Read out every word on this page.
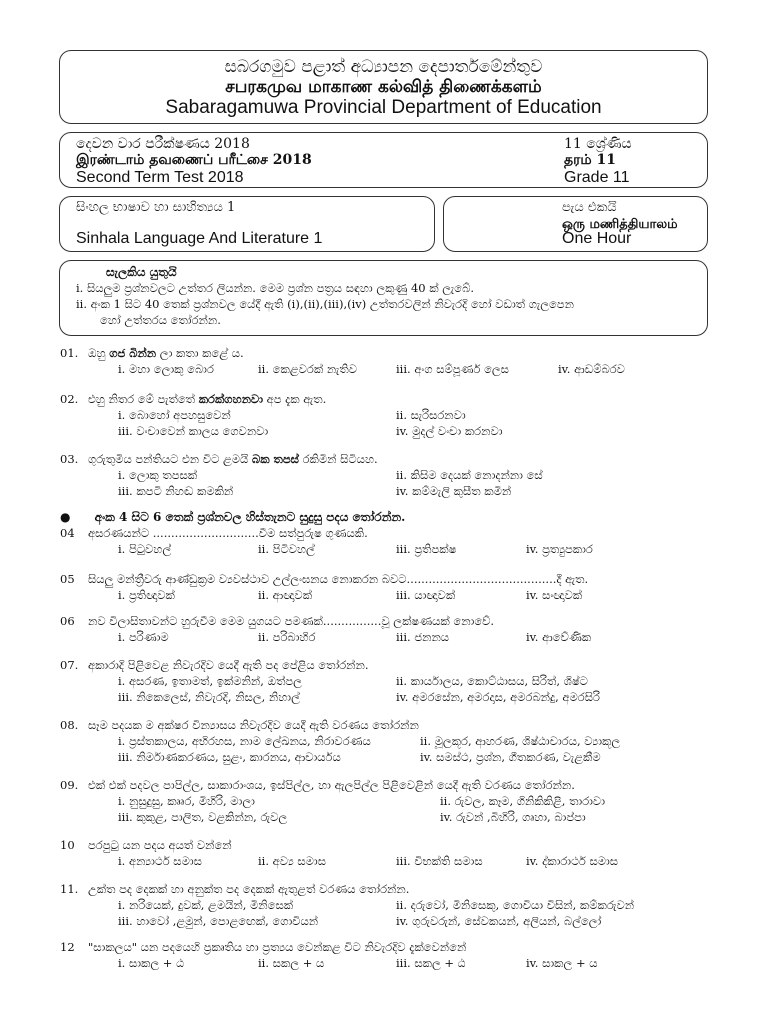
සබරගමුව පළාත් අධ්‍යාපන දෙපාර්තමේන්තුව
சபரகமுவ மாகாண கல்வித் திணைக்களம்
Sabaragamuwa Provincial Department of Education
දෙවන වාර පරීක්ෂණය 2018
இரண்டாம் தவணைப் பரீட்சை 2018
Second Term Test 2018
11 ශ්‍රේණිය
தரம் 11
Grade 11
සිංහල භාෂාව හා සාහිත්‍යය 1
Sinhala Language And Literature 1
පැය එකයි
ஒரு மணித்தியாலம்
One Hour
සැලකිය යුතුයි
i. සියලුම ප්‍රශ්නවලට උත්තර ලියන්න. මෙම ප්‍රශ්න පත්‍රය සඳහා ලකුණු 40 ක් ලැබේ.
ii. අංක 1 සිට 40 තෙක් ප්‍රශ්නවල යේදී ඇති (i),(ii),(iii),(iv) උත්තරවලින් නිවැරදි හෝ වඩාත් ගැලපෙන
හෝ උත්තරය තෝරන්න.
01. ඔහු ගජ බින්න ලා කතා කළේ ය.
i. මහා ලොකු බොර	ii. කෙළවරක් නැතිව	iii. අංග සම්පූර්ණ ලෙස	iv. ආඩම්බරව
02. එහු නිතර මේ පැත්තේ කරක්ගහනවා අප දැක ඇත.
i. බොහෝ අපහසුවෙන්	ii. සැරිසරනවා
iii. වංචාවෙන් කාලය ගෙවනවා	iv. මුදල් වංචා කරනවා
03. ගුරුතුමිය පන්තියට එන විට ළමයි බක තපස් රකිමින් සිටියහ.
i. ලොකු තපසක්	ii. කිසිම දෙයක් නොදන්නා සේ
iii. කපටි නිහඬ කමකින්	iv. කම්මැලි කුසීත කමින්
● අංක 4 සිට 6 තෙක් ප්‍රශ්නවල හිස්තැනට සුදුසු පදය තෝරන්න.
04 අසරණයන්ට .............................වීම සත්පුරුෂ ගුණයකි.
i. පිටුවහල්	ii. පිටිවහල්	iii. ප්‍රතිපක්ෂ	iv. ප්‍රත්‍යුපකාර
05 සියලු මන්ත්‍රීවරු ආණ්ඩුක්‍රම ව්‍යවස්ථාව උල්ලංඝනය නොකරන බවට.........................................දී ඇත.
i. ප්‍රතිඥාවක්	ii. ආඥාවක්	iii. යාඥාවක්	iv. සංඥාවක්
06 නව විලාසිතාවන්ට හුරුවීම මෙම යුගයට පමණක්................වූ ලක්ෂණයක් නොවේ.
i. පරිණාම	ii. පරිබාහිර	iii. ජනනය	iv. ආවේණික
07. අකාරාදි පිළිවෙළ නිවැරදිව යෙදී ඇති පද පේළිය තෝරන්න.
i. අසරණ, ඉතාමත්, ඉක්මනින්, ඔත්පල	ii. කාර්යාලය, කොට්ඨාසය, සිරිත්, ශිෂ්ට
iii. නිකෙලෙස්, නිවැරදි, නිසල, නිහාල්	iv. අමරසේන, අමරදාස, අමරබන්දු, අමරසිරි
08. සෑම පදයක ම අක්ෂර වින්‍යාසය නිවැරදිව යෙදී ඇති වරණය තෝරන්න
i. ප්‍රස්තකාලය, අභිරහස, නාම ලේඛනය, නිරාවරණය	ii. මූලකූර, ආහරණ, ශිෂ්ඨාචාරය, ව්‍යාකූල
iii. නිර්මාණකරණය, සුළං, කාරනය, ආචාර්යය	iv. සමස්ථ, ප්‍රශ්න, ගීතකරණ, වැළකීම
09. එක් එක් පදවල පාපිල්ල, සාකාරාංශය, ඉස්පිල්ල, හා ඇලපිල්ල පිළිවෙළින් යෙදී ඇති වරණය තෝරන්න.
i. නුසුදුසු, කෲර, මිහිරි, මාලා	ii. රුවල, කෑම, ගිනිකිකිළි, තාරාවා
iii. කුකුළ, පාලිත, වළකින්න, රුවල	iv. රුවන් ,බිහිරි, ගෘහා, බාප්පා
10 පරපුටු යන පදය අයත් වන්නේ
i. අන්‍යාර්ථ සමාස	ii. අව්‍ය සමාස	iii. විභක්ති සමාස	iv. ද්කාරාර්ථ සමාස
11. උක්ත පද දෙකක් හා අනුක්ත පද දෙකක් ඇතුළත් වරණය තෝරන්න.
i. නරියෙක්, දුවක්, ළමයින්, මිනිසෙක්	ii. දරුවෝ, මිනිසෙකු, ගොවියා විසින්, කම්කරුවන්
iii. හාවෝ ,ළමුන්, පොළඟෙක්, ගොවියන්	iv. ගුරුවරුන්, සේවකයන්, අලියන්, බල්ලෝ
12 "සාකලය" යන පදයෙහි ප්‍රකෘතිය හා ප්‍රත්‍යය වෙන්කළ විට නිවැරදිව දැක්වෙන්නේ
i. සාකල + ඨ	ii. සකල + ය	iii. සකල + ඨ	iv. සාකල + ය
